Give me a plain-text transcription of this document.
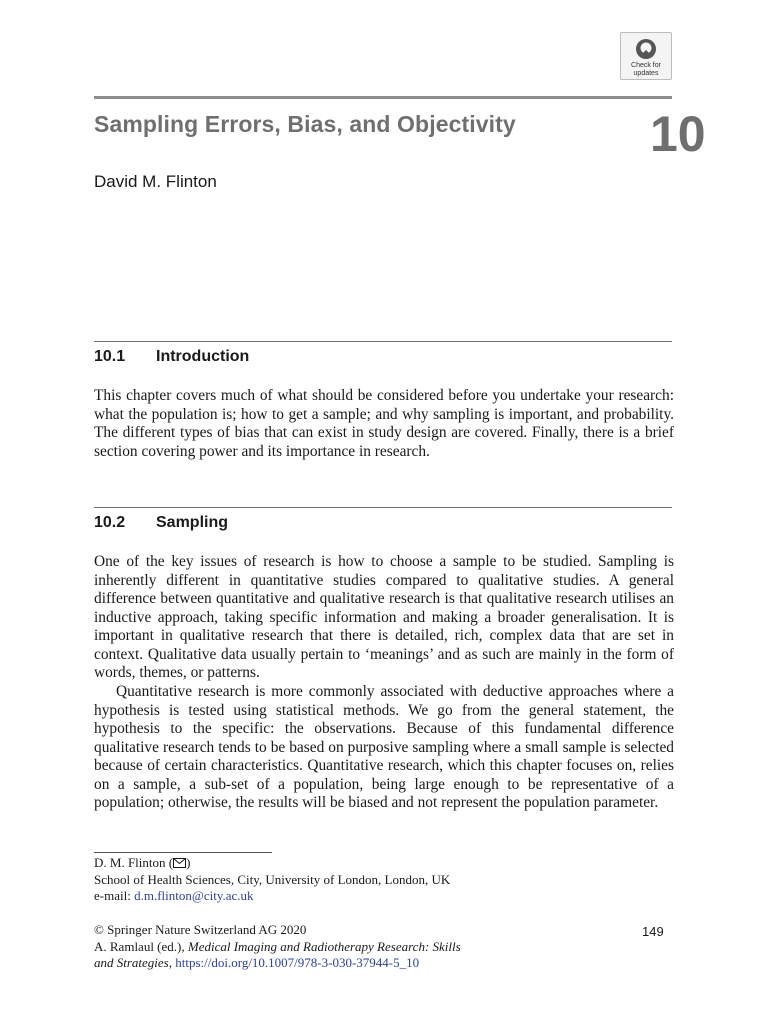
Check for
updates
Sampling Errors, Bias, and Objectivity	10
David M. Flinton
10.1 Introduction

This chapter covers much of what should be considered before you undertake your research: what the population is; how to get a sample; and why sampling is important, and probability. The different types of bias that can exist in study design are covered. Finally, there is a brief section covering power and its importance in research.

10.2 Sampling

One of the key issues of research is how to choose a sample to be studied. Sampling is inherently different in quantitative studies compared to qualitative studies. A general difference between quantitative and qualitative research is that qualitative research utilises an inductive approach, taking specific information and making a broader generalisation. It is important in qualitative research that there is detailed, rich, complex data that are set in context. Qualitative data usually pertain to ‘meanings’ and as such are mainly in the form of words, themes, or patterns.

Quantitative research is more commonly associated with deductive approaches where a hypothesis is tested using statistical methods. We go from the general statement, the hypothesis to the specific: the observations. Because of this fundamental difference qualitative research tends to be based on purposive sampling where a small sample is selected because of certain characteristics. Quantitative research, which this chapter focuses on, relies on a sample, a sub-set of a population, being large enough to be representative of a population; otherwise, the results will be biased and not represent the population parameter.

D. M. Flinton ( )
School of Health Sciences, City, University of London, London, UK
e-mail: d.m.flinton@city.ac.uk
© Springer Nature Switzerland AG 2020
A. Ramlaul (ed.), Medical Imaging and Radiotherapy Research: Skills
and Strategies, https://doi.org/10.1007/978-3-030-37944-5_10
149
